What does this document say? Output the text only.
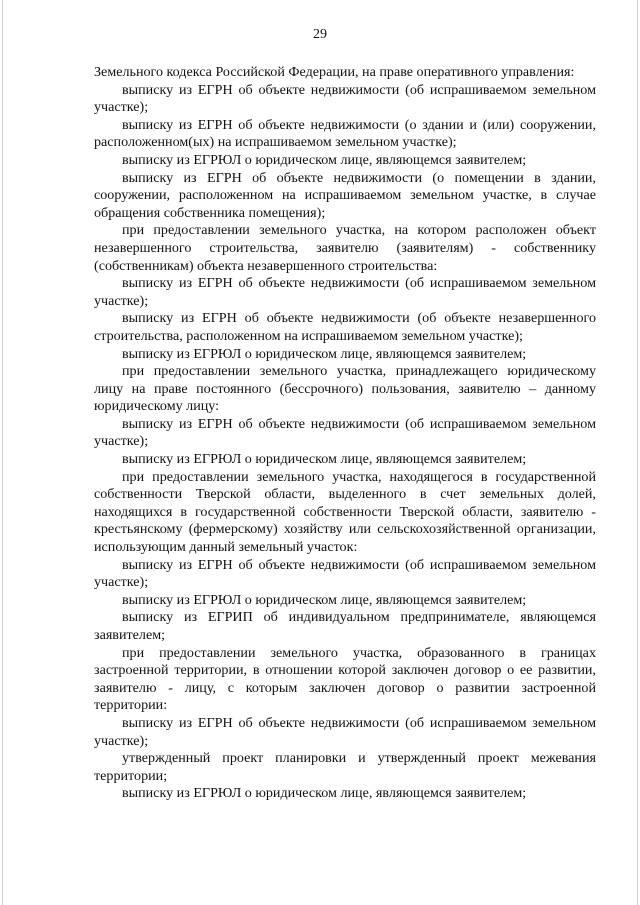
29

Земельного кодекса Российской Федерации, на праве оперативного управления:

выписку из ЕГРН об объекте недвижимости (об испрашиваемом земельном участке);

выписку из ЕГРН об объекте недвижимости (о здании и (или) сооружении, расположенном(ых) на испрашиваемом земельном участке);

выписку из ЕГРЮЛ о юридическом лице, являющемся заявителем;

выписку из ЕГРН об объекте недвижимости (о помещении в здании, сооружении, расположенном на испрашиваемом земельном участке, в случае обращения собственника помещения);

при предоставлении земельного участка, на котором расположен объект незавершенного строительства, заявителю (заявителям) - собственнику (собственникам) объекта незавершенного строительства:

выписку из ЕГРН об объекте недвижимости (об испрашиваемом земельном участке);

выписку из ЕГРН об объекте недвижимости (об объекте незавершенного строительства, расположенном на испрашиваемом земельном участке);

выписку из ЕГРЮЛ о юридическом лице, являющемся заявителем;

при предоставлении земельного участка, принадлежащего юридическому лицу на праве постоянного (бессрочного) пользования, заявителю – данному юридическому лицу:

выписку из ЕГРН об объекте недвижимости (об испрашиваемом земельном участке);

выписку из ЕГРЮЛ о юридическом лице, являющемся заявителем;

при предоставлении земельного участка, находящегося в государственной собственности Тверской области, выделенного в счет земельных долей, находящихся в государственной собственности Тверской области, заявителю - крестьянскому (фермерскому) хозяйству или сельскохозяйственной организации, использующим данный земельный участок:

выписку из ЕГРН об объекте недвижимости (об испрашиваемом земельном участке);

выписку из ЕГРЮЛ о юридическом лице, являющемся заявителем;

выписку из ЕГРИП об индивидуальном предпринимателе, являющемся заявителем;

при предоставлении земельного участка, образованного в границах застроенной территории, в отношении которой заключен договор о ее развитии, заявителю - лицу, с которым заключен договор о развитии застроенной территории:

выписку из ЕГРН об объекте недвижимости (об испрашиваемом земельном участке);

утвержденный проект планировки и утвержденный проект межевания территории;

выписку из ЕГРЮЛ о юридическом лице, являющемся заявителем;
